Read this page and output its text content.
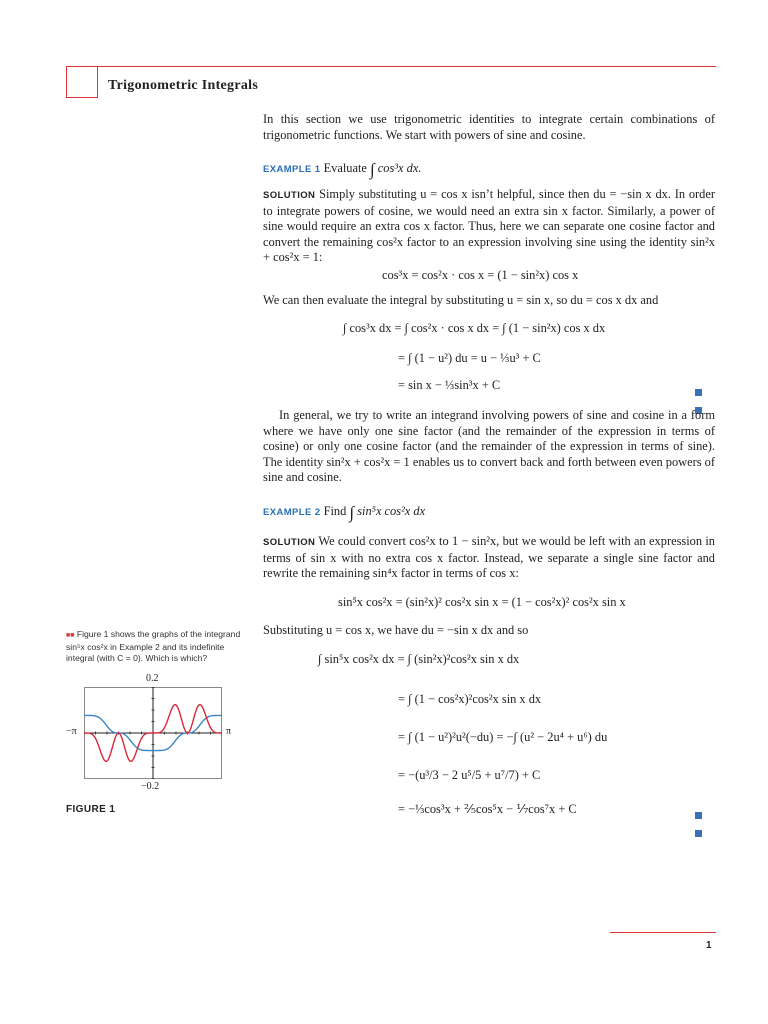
Trigonometric Integrals
In this section we use trigonometric identities to integrate certain combinations of trigonometric functions. We start with powers of sine and cosine.
EXAMPLE 1 Evaluate ∫ cos³x dx.
SOLUTION Simply substituting u = cos x isn’t helpful, since then du = −sin x dx. In order to integrate powers of cosine, we would need an extra sin x factor. Similarly, a power of sine would require an extra cos x factor. Thus, here we can separate one cosine factor and convert the remaining cos²x factor to an expression involving sine using the identity sin²x + cos²x = 1:
cos³x = cos²x · cos x = (1 − sin²x) cos x
We can then evaluate the integral by substituting u = sin x, so du = cos x dx and
∫ cos³x dx = ∫ cos²x · cos x dx = ∫ (1 − sin²x) cos x dx
= ∫ (1 − u²) du = u − ⅓u³ + C
= sin x − ⅓sin³x + C
In general, we try to write an integrand involving powers of sine and cosine in a form where we have only one sine factor (and the remainder of the expression in terms of cosine) or only one cosine factor (and the remainder of the expression in terms of sine). The identity sin²x + cos²x = 1 enables us to convert back and forth between even powers of sine and cosine.
EXAMPLE 2 Find ∫ sin⁵x cos²x dx
SOLUTION We could convert cos²x to 1 − sin²x, but we would be left with an expression in terms of sin x with no extra cos x factor. Instead, we separate a single sine factor and rewrite the remaining sin⁴x factor in terms of cos x:
sin⁵x cos²x = (sin²x)² cos²x sin x = (1 − cos²x)² cos²x sin x
Substituting u = cos x, we have du = −sin x dx and so
∫ sin⁵x cos²x dx = ∫ (sin²x)²cos²x sin x dx
= ∫ (1 − cos²x)²cos²x sin x dx
= ∫ (1 − u²)²u²(−du) = −∫ (u² − 2u⁴ + u⁶) du
= −(u³/3 − 2 u⁵/5 + u⁷/7) + C
= −⅓cos³x + ⅖cos⁵x − ⅐cos⁷x + C
■■ Figure 1 shows the graphs of the integrand sin⁵x cos²x in Example 2 and its indefinite integral (with C = 0). Which is which?
0.2
−0.2
−π	π
FIGURE 1
1
